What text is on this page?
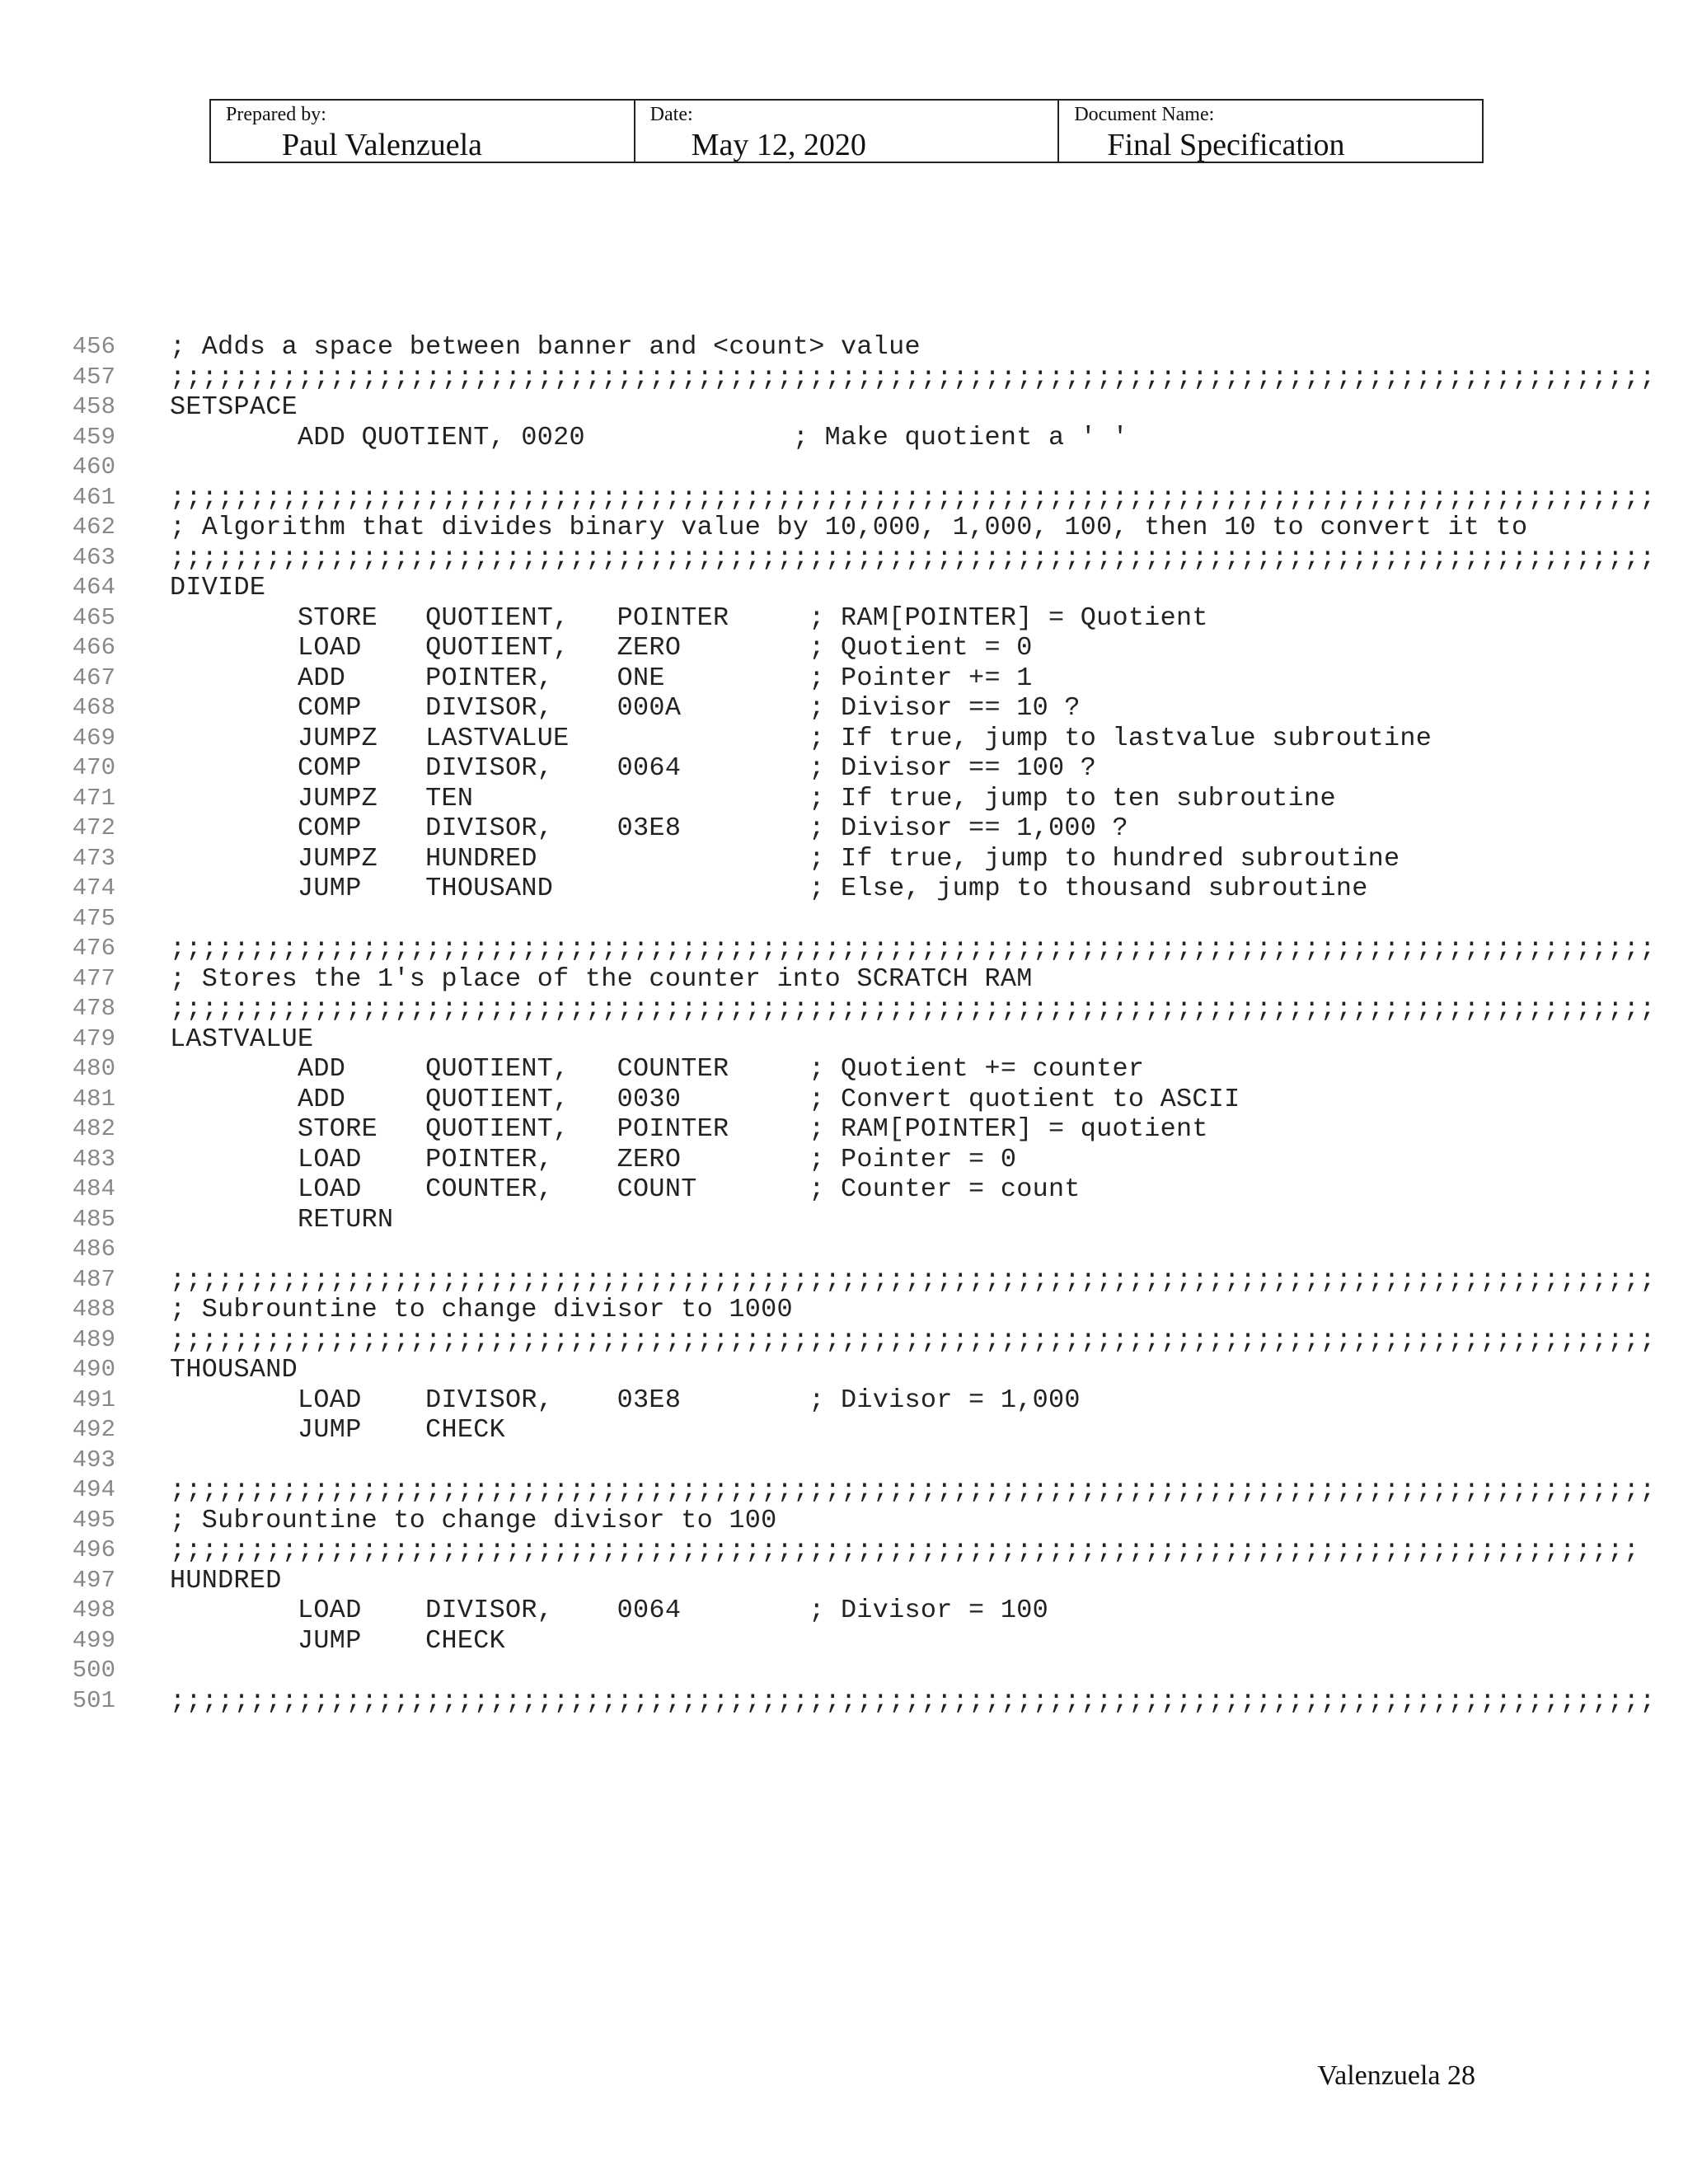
Prepared by:
Paul Valenzuela
Date:
May 12, 2020
Document Name:
Final Specification
456 ; Adds a space between banner and <count> value
457 ;;;;;;;;;;;;;;;;;;;;;;;;;;;;;;;;;;;;;;;;;;;;;;;;;;;;;;;;;;;;;;;;;;;;;;;;;;;;;;;;;;;;;;;;;;;;;
458 SETSPACE
459 ADD QUOTIENT, 0020             ; Make quotient a ' '
460
461 ;;;;;;;;;;;;;;;;;;;;;;;;;;;;;;;;;;;;;;;;;;;;;;;;;;;;;;;;;;;;;;;;;;;;;;;;;;;;;;;;;;;;;;;;;;;;;
462 ; Algorithm that divides binary value by 10,000, 1,000, 100, then 10 to convert it to
463 ;;;;;;;;;;;;;;;;;;;;;;;;;;;;;;;;;;;;;;;;;;;;;;;;;;;;;;;;;;;;;;;;;;;;;;;;;;;;;;;;;;;;;;;;;;;;;
464 DIVIDE
465 STORE   QUOTIENT,   POINTER     ; RAM[POINTER] = Quotient
466 LOAD    QUOTIENT,   ZERO        ; Quotient = 0
467 ADD     POINTER,    ONE         ; Pointer += 1
468 COMP    DIVISOR,    000A        ; Divisor == 10 ?
469 JUMPZ   LASTVALUE               ; If true, jump to lastvalue subroutine
470 COMP    DIVISOR,    0064        ; Divisor == 100 ?
471 JUMPZ   TEN                     ; If true, jump to ten subroutine
472 COMP    DIVISOR,    03E8        ; Divisor == 1,000 ?
473 JUMPZ   HUNDRED                 ; If true, jump to hundred subroutine
474 JUMP    THOUSAND                ; Else, jump to thousand subroutine
475
476 ;;;;;;;;;;;;;;;;;;;;;;;;;;;;;;;;;;;;;;;;;;;;;;;;;;;;;;;;;;;;;;;;;;;;;;;;;;;;;;;;;;;;;;;;;;;;;
477 ; Stores the 1's place of the counter into SCRATCH RAM
478 ;;;;;;;;;;;;;;;;;;;;;;;;;;;;;;;;;;;;;;;;;;;;;;;;;;;;;;;;;;;;;;;;;;;;;;;;;;;;;;;;;;;;;;;;;;;;;
479 LASTVALUE
480 ADD     QUOTIENT,   COUNTER     ; Quotient += counter
481 ADD     QUOTIENT,   0030        ; Convert quotient to ASCII
482 STORE   QUOTIENT,   POINTER     ; RAM[POINTER] = quotient
483 LOAD    POINTER,    ZERO        ; Pointer = 0
484 LOAD    COUNTER,    COUNT       ; Counter = count
485 RETURN
486
487 ;;;;;;;;;;;;;;;;;;;;;;;;;;;;;;;;;;;;;;;;;;;;;;;;;;;;;;;;;;;;;;;;;;;;;;;;;;;;;;;;;;;;;;;;;;;;;
488 ; Subrountine to change divisor to 1000
489 ;;;;;;;;;;;;;;;;;;;;;;;;;;;;;;;;;;;;;;;;;;;;;;;;;;;;;;;;;;;;;;;;;;;;;;;;;;;;;;;;;;;;;;;;;;;;;
490 THOUSAND
491 LOAD    DIVISOR,    03E8        ; Divisor = 1,000
492 JUMP    CHECK
493
494 ;;;;;;;;;;;;;;;;;;;;;;;;;;;;;;;;;;;;;;;;;;;;;;;;;;;;;;;;;;;;;;;;;;;;;;;;;;;;;;;;;;;;;;;;;;;;;
495 ; Subrountine to change divisor to 100
496 ;;;;;;;;;;;;;;;;;;;;;;;;;;;;;;;;;;;;;;;;;;;;;;;;;;;;;;;;;;;;;;;;;;;;;;;;;;;;;;;;;;;;;;;;;;;;
497 HUNDRED
498 LOAD    DIVISOR,    0064        ; Divisor = 100
499 JUMP    CHECK
500
501 ;;;;;;;;;;;;;;;;;;;;;;;;;;;;;;;;;;;;;;;;;;;;;;;;;;;;;;;;;;;;;;;;;;;;;;;;;;;;;;;;;;;;;;;;;;;;;
Valenzuela 28
